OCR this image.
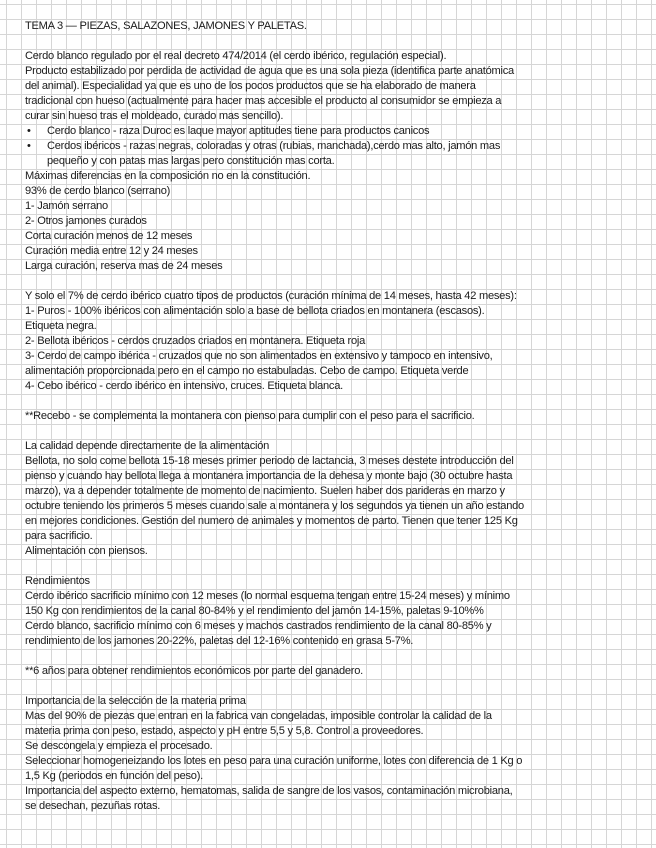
TEMA 3 — PIEZAS, SALAZONES, JAMONES Y PALETAS.
Cerdo blanco regulado por el real decreto 474/2014 (el cerdo ibérico, regulación especial).
Producto estabilizado por perdida de actividad de agua que es una sola pieza (identifica parte anatómica
del animal). Especialidad ya que es uno de los pocos productos que se ha elaborado de manera
tradicional con hueso (actualmente para hacer mas accesible el producto al consumidor se empieza a
curar sin hueso tras el moldeado, curado mas sencillo).
• Cerdo blanco - raza Duroc es laque mayor aptitudes tiene para productos canicos
• Cerdos ibéricos - razas negras, coloradas y otras (rubias, manchada),cerdo mas alto, jamón mas
pequeño y con patas mas largas pero constitución mas corta.
Máximas diferencias en la composición no en la constitución.
93% de cerdo blanco (serrano)
1- Jamón serrano
2- Otros jamones curados
Corta curación menos de 12 meses
Curación media entre 12 y 24 meses
Larga curación, reserva mas de 24 meses
Y solo el 7% de cerdo ibérico cuatro tipos de productos (curación mínima de 14 meses, hasta 42 meses):
1- Puros - 100% ibéricos con alimentación solo a base de bellota criados en montanera (escasos).
Etiqueta negra.
2- Bellota ibéricos - cerdos cruzados criados en montanera. Etiqueta roja
3- Cerdo de campo ibérica - cruzados que no son alimentados en extensivo y tampoco en intensivo,
alimentación proporcionada pero en el campo no estabuladas. Cebo de campo. Etiqueta verde
4- Cebo ibérico - cerdo ibérico en intensivo, cruces. Etiqueta blanca.
**Recebo - se complementa la montanera con pienso para cumplir con el peso para el sacrificio.
La calidad depende directamente de la alimentación
Bellota, no solo come bellota 15-18 meses primer periodo de lactancia, 3 meses destete introducción del
pienso y cuando hay bellota llega a montanera importancia de la dehesa y monte bajo (30 octubre hasta
marzo), va a depender totalmente de momento de nacimiento. Suelen haber dos parideras en marzo y
octubre teniendo los primeros 5 meses cuando sale a montanera y los segundos ya tienen un año estando
en mejores condiciones. Gestión del numero de animales y momentos de parto. Tienen que tener 125 Kg
para sacrificio.
Alimentación con piensos.
Rendimientos
Cerdo ibérico sacrificio mínimo con 12 meses (lo normal esquema tengan entre 15-24 meses) y mínimo
150 Kg con rendimientos de la canal 80-84% y el rendimiento del jamón 14-15%, paletas 9-10%%
Cerdo blanco, sacrificio mínimo con 6 meses y machos castrados rendimiento de la canal 80-85% y
rendimiento de los jamones 20-22%, paletas del 12-16% contenido en grasa 5-7%.
**6 años para obtener rendimientos económicos por parte del ganadero.
Importancia de la selección de la materia prima
Mas del 90% de piezas que entran en la fabrica van congeladas, imposible controlar la calidad de la
materia prima con peso, estado, aspecto y pH entre 5,5 y 5,8. Control a proveedores.
Se descongela y empieza el procesado.
Seleccionar homogeneizando los lotes en peso para una curación uniforme, lotes con diferencia de 1 Kg o
1,5 Kg (periodos en función del peso).
Importancia del aspecto externo, hematomas, salida de sangre de los vasos, contaminación microbiana,
se desechan, pezuñas rotas.
